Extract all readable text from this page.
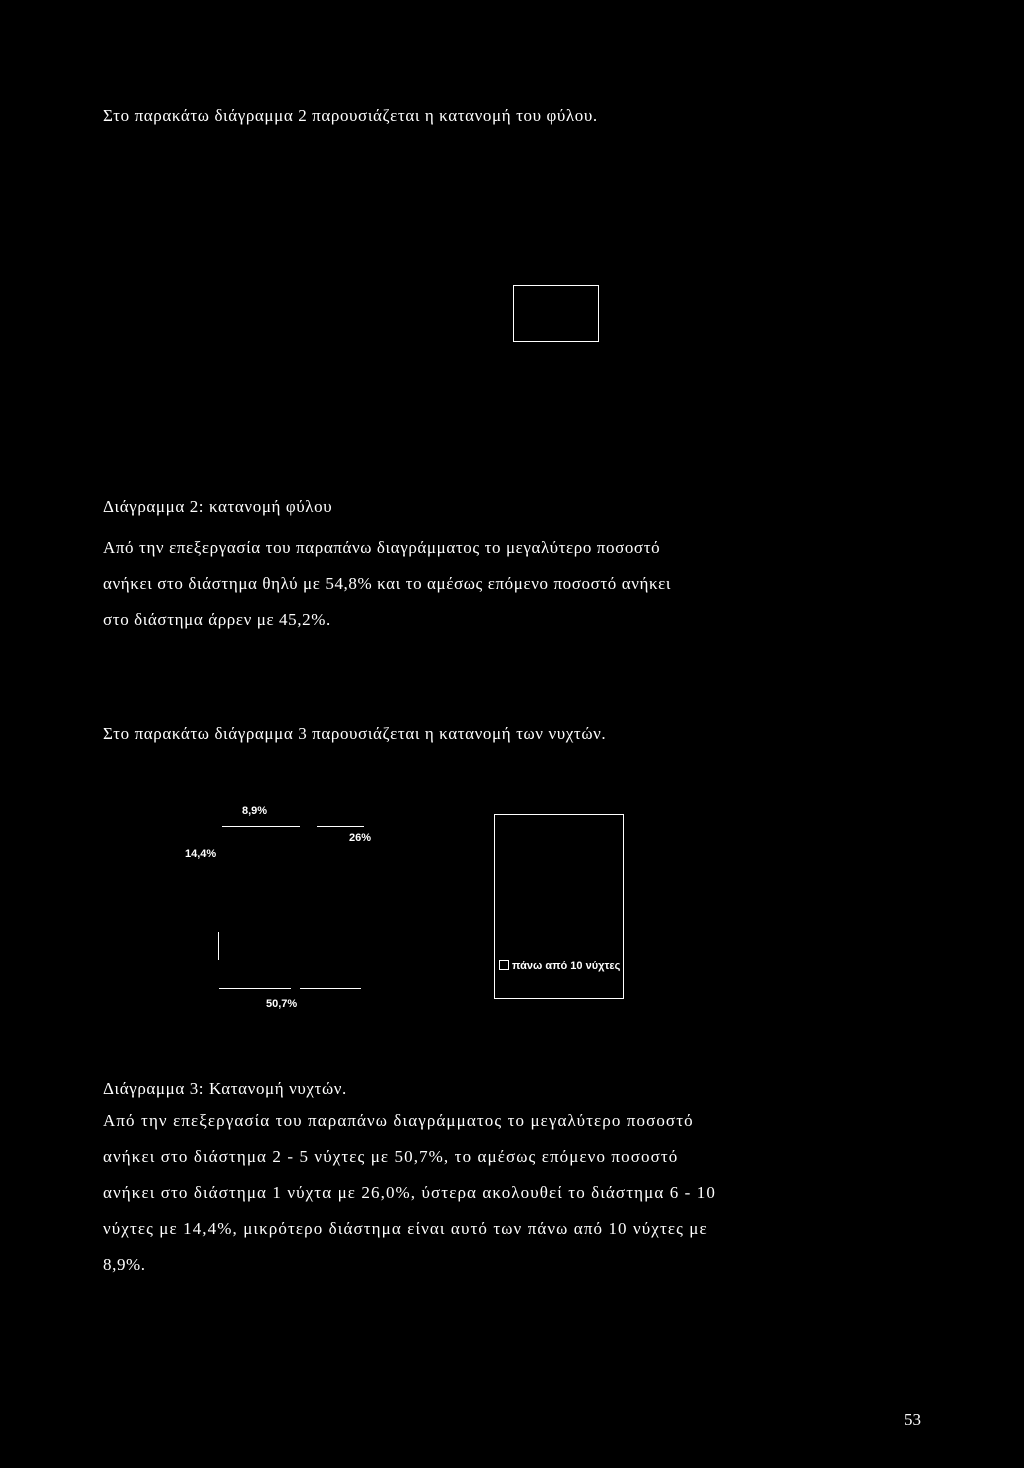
Στο παρακάτω διάγραμμα 2 παρουσιάζεται η κατανομή του φύλου.
Διάγραμμα 2: κατανομή φύλου
Από την επεξεργασία του παραπάνω διαγράμματος το μεγαλύτερο ποσοστό
ανήκει στο διάστημα θηλύ με 54,8% και το αμέσως επόμενο ποσοστό ανήκει
στο διάστημα άρρεν με 45,2%.
Στο παρακάτω διάγραμμα 3 παρουσιάζεται η κατανομή των νυχτών.
8,9%
26%
14,4%
50,7%
πάνω από 10 νύχτες
Διάγραμμα 3: Κατανομή νυχτών.
Από την επεξεργασία του παραπάνω διαγράμματος το μεγαλύτερο ποσοστό
ανήκει στο διάστημα 2 - 5 νύχτες με 50,7%, το αμέσως επόμενο ποσοστό
ανήκει στο διάστημα 1 νύχτα με 26,0%, ύστερα ακολουθεί το διάστημα 6 - 10
νύχτες με 14,4%, μικρότερο διάστημα είναι αυτό των πάνω από 10 νύχτες με
8,9%.
53
